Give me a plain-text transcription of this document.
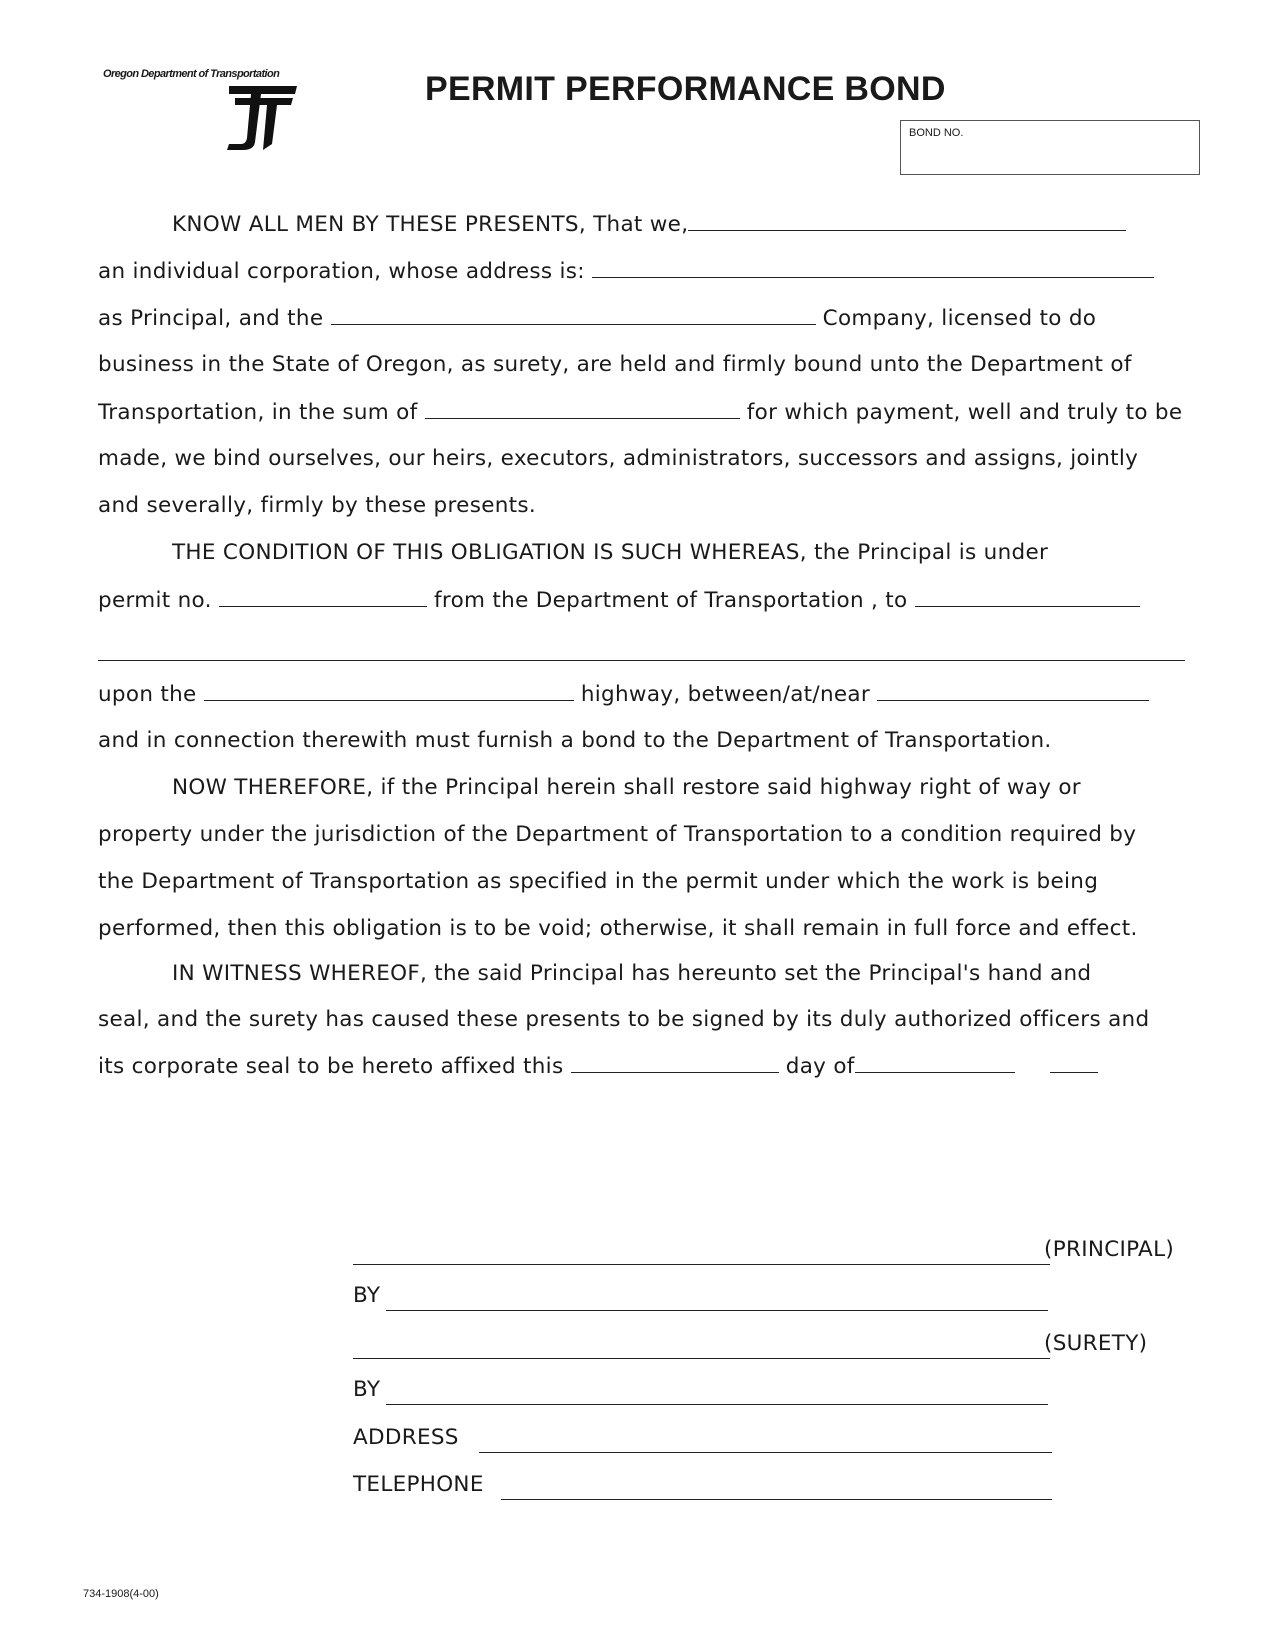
Oregon Department of Transportation	PERMIT PERFORMANCE BOND
BOND NO.
KNOW ALL MEN BY THESE PRESENTS, That we,
an individual corporation, whose address is:
as Principal, and the	Company, licensed to do
business in the State of Oregon, as surety, are held and firmly bound unto the Department of
Transportation, in the sum of	for which payment, well and truly to be
made, we bind ourselves, our heirs, executors, administrators, successors and assigns, jointly
and severally, firmly by these presents.
THE CONDITION OF THIS OBLIGATION IS SUCH WHEREAS, the Principal is under
permit no.	from the Department of Transportation , to
upon the	highway, between/at/near
and in connection therewith must furnish a bond to the Department of Transportation.
NOW THEREFORE, if the Principal herein shall restore said highway right of way or
property under the jurisdiction of the Department of Transportation to a condition required by
the Department of Transportation as specified in the permit under which the work is being
performed, then this obligation is to be void; otherwise, it shall remain in full force and effect.
IN WITNESS WHEREOF, the said Principal has hereunto set the Principal's hand and
seal, and the surety has caused these presents to be signed by its duly authorized officers and
its corporate seal to be hereto affixed this	day of
(PRINCIPAL)
BY
(SURETY)
BY
ADDRESS
TELEPHONE
734-1908(4-00)
